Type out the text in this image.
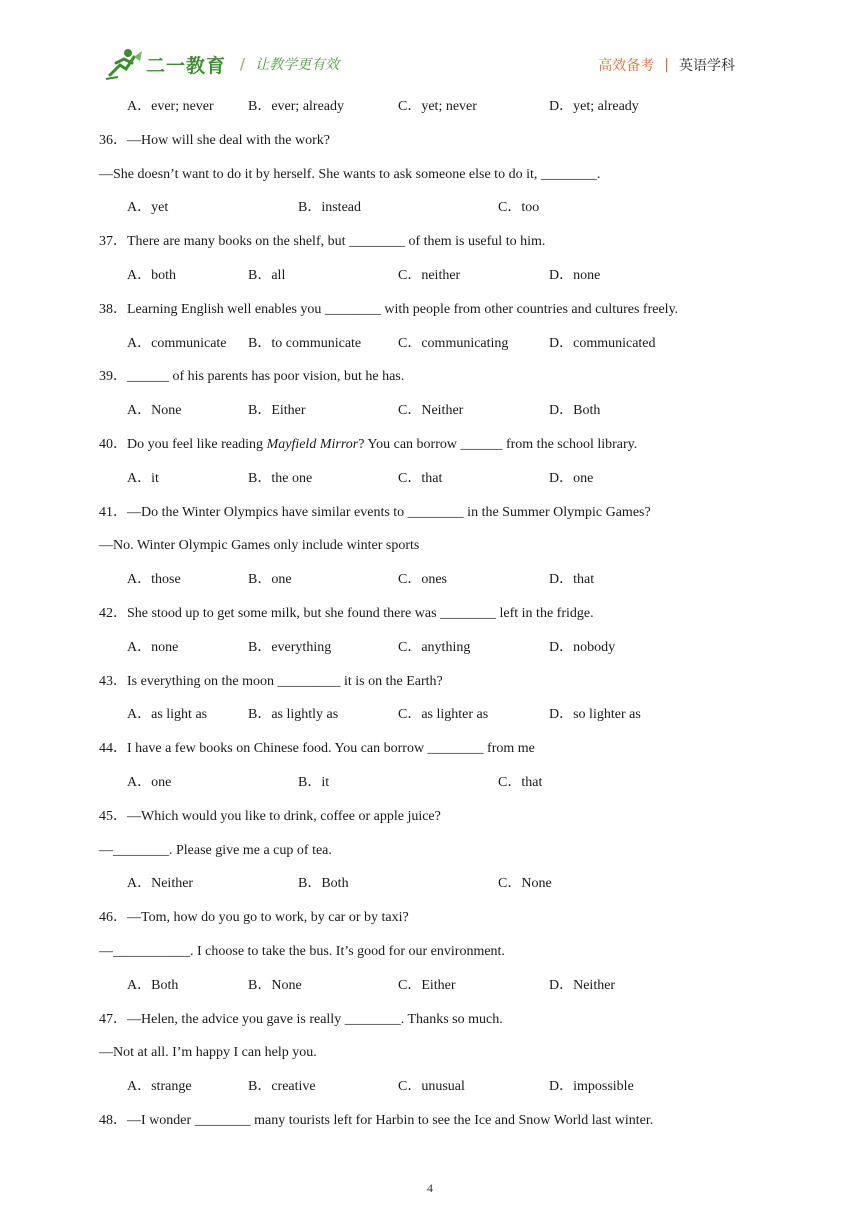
二一教育 / 让教学更有效	高效备考 | 英语学科
A．ever; never B．ever; already	C．yet; never	D．yet; already
36．—How will she deal with the work?
—She doesn’t want to do it by herself. She wants to ask someone else to do it, ________.
A．yet	B．instead	C．too
37．There are many books on the shelf, but ________ of them is useful to him.
A．both	B．all	C．neither	D．none
38．Learning English well enables you ________ with people from other countries and cultures freely.
A．communicate B．to communicate	C．communicating	D．communicated
39．______ of his parents has poor vision, but he has.
A．None	B．Either	C．Neither	D．Both
40．Do you feel like reading Mayfield Mirror? You can borrow ______ from the school library.
A．it	B．the one	C．that	D．one
41．—Do the Winter Olympics have similar events to ________ in the Summer Olympic Games?
—No. Winter Olympic Games only include winter sports
A．those	B．one	C．ones	D．that
42．She stood up to get some milk, but she found there was ________ left in the fridge.
A．none	B．everything	C．anything	D．nobody
43．Is everything on the moon _________ it is on the Earth?
A．as light as	B．as lightly as	C．as lighter as	D．so lighter as
44．I have a few books on Chinese food. You can borrow ________ from me
A．one	B．it	C．that
45．—Which would you like to drink, coffee or apple juice?
—________. Please give me a cup of tea.
A．Neither	B．Both	C．None
46．—Tom, how do you go to work, by car or by taxi?
—___________. I choose to take the bus. It’s good for our environment.
A．Both	B．None	C．Either	D．Neither
47．—Helen, the advice you gave is really ________. Thanks so much.
—Not at all. I’m happy I can help you.
A．strange	B．creative	C．unusual	D．impossible
48．—I wonder ________ many tourists left for Harbin to see the Ice and Snow World last winter.
4
